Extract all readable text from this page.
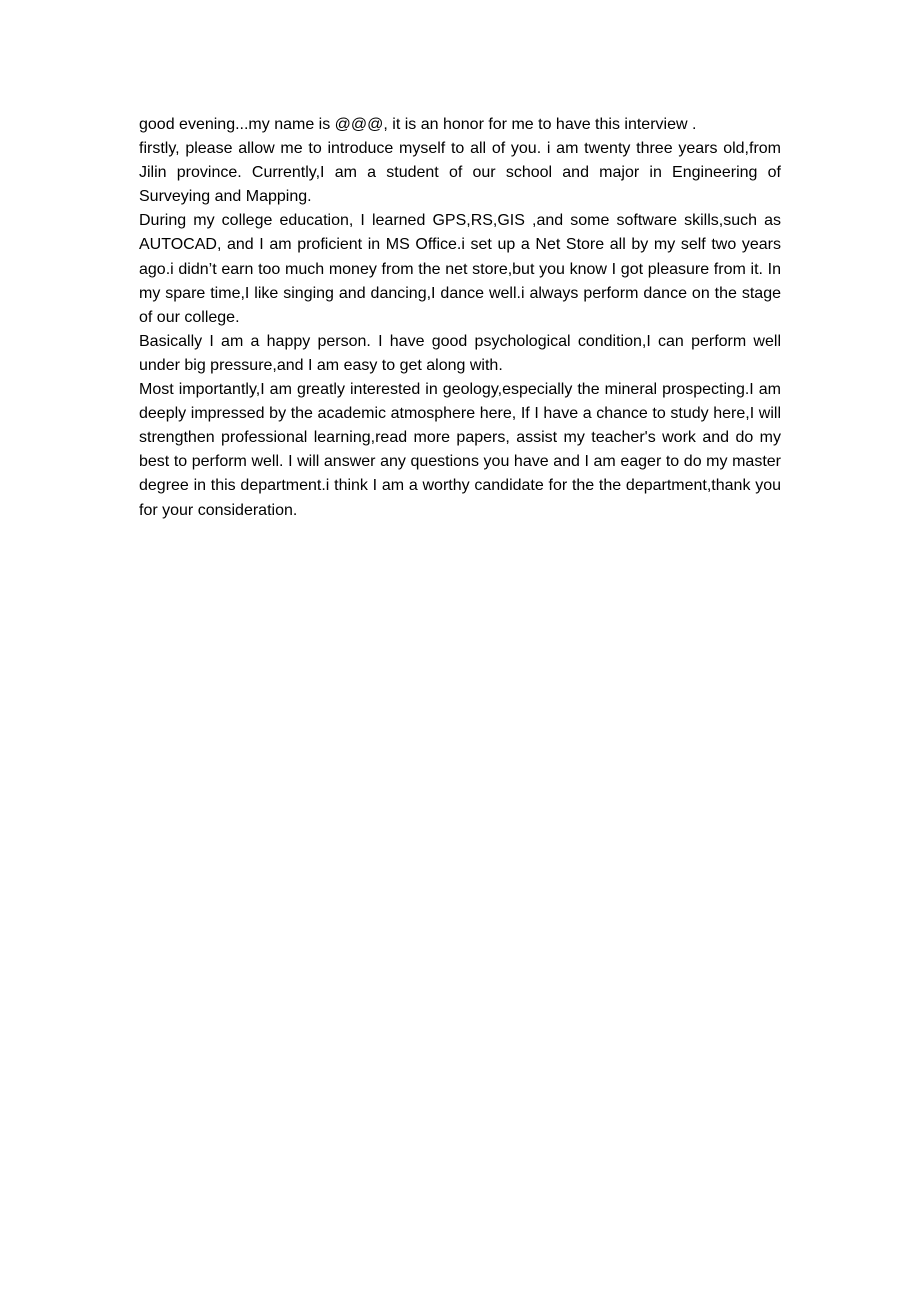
good evening...my name is @@@, it is an honor for me to have this interview .

firstly, please allow me to introduce myself to all of you. i am twenty three years old,from Jilin province. Currently,I am a student of our school and major in Engineering of Surveying and Mapping.

During my college education, I learned GPS,RS,GIS ,and some software skills,such as AUTOCAD, and I am proficient in MS Office.i set up a Net Store all by my self two years ago.i didn’t earn too much money from the net store,but you know I got pleasure from it. In my spare time,I like singing and dancing,I dance well.i always perform dance on the stage of our college.

Basically I am a happy person. I have good psychological condition,I can perform well under big pressure,and I am easy to get along with.

Most importantly,I am greatly interested in geology,especially the mineral prospecting.I am deeply impressed by the academic atmosphere here, If I have a chance to study here,I will strengthen professional learning,read more papers, assist my teacher's work and do my best to perform well. I will answer any questions you have and I am eager to do my master degree in this department.i think I am a worthy candidate for the the department,thank you for your consideration.
